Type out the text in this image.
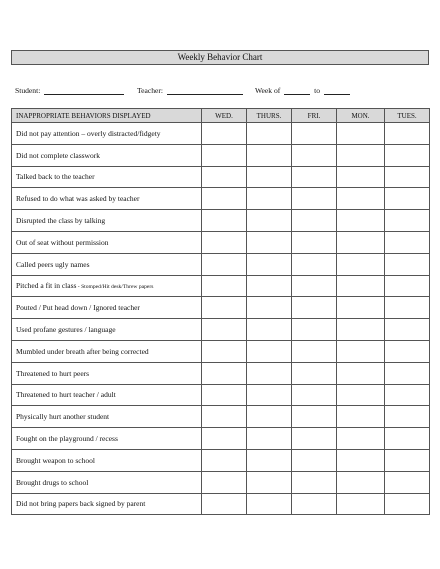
Weekly Behavior Chart
Student:	Teacher:	Week of	to
INAPPROPRIATE BEHAVIORS DISPLAYED	WED.	THURS.	FRI.	MON.	TUES.
Did not pay attention – overly distracted/fidgety					
Did not complete classwork					
Talked back to the teacher					
Refused to do what was asked by teacher					
Disrupted the class by talking					
Out of seat without permission					
Called peers ugly names					
Pitched a fit in class - Stomped/Hit desk/Threw papers					
Pouted / Put head down / Ignored teacher					
Used profane gestures / language					
Mumbled under breath after being corrected					
Threatened to hurt peers					
Threatened to hurt teacher / adult					
Physically hurt another student					
Fought on the playground / recess					
Brought weapon to school					
Brought drugs to school					
Did not bring papers back signed by parent					
